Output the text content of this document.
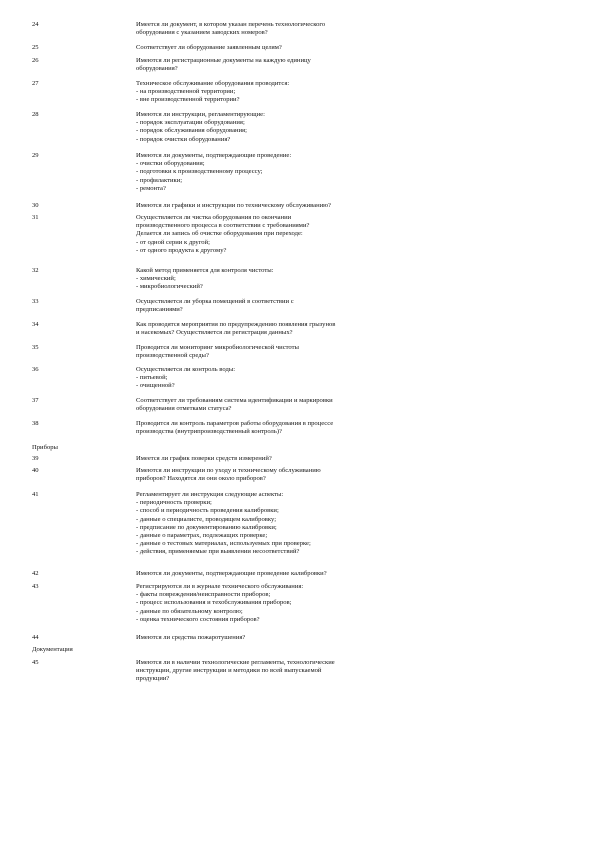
24	Имеется ли документ, в котором указан перечень технологического
оборудования с указанием заводских номеров?
25	Соответствует ли оборудование заявленным целям?
26	Имеются ли регистрационные документы на каждую единицу
оборудования?
27	Техническое обслуживание оборудования проводится:
- на производственной территории;
- вне производственной территории?
28	Имеются ли инструкции, регламентирующие:
- порядок эксплуатации оборудования;
- порядок обслуживания оборудования;
- порядок очистки оборудования?
29	Имеются ли документы, подтверждающие проведение:
- очистки оборудования;
- подготовки к производственному процессу;
- профилактики;
- ремонта?
30	Имеются ли графики и инструкции по техническому обслуживанию?
31	Осуществляется ли чистка оборудования по окончании
производственного процесса в соответствии с требованиями?
Делается ли запись об очистке оборудования при переходе:
- от одной серии к другой;
- от одного продукта к другому?
32	Какой метод применяется для контроля чистоты:
- химический;
- микробиологический?
33	Осуществляется ли уборка помещений в соответствии с
предписаниями?
34	Как проводятся мероприятия по предупреждению появления грызунов
и насекомых? Осуществляется ли регистрация данных?
35	Проводится ли мониторинг микробиологической чистоты
производственной среды?
36	Осуществляется ли контроль воды:
- питьевой;
- очищенной?
37	Соответствует ли требованиям система идентификации и маркировки
оборудования отметками статуса?
38	Проводится ли контроль параметров работы оборудования в процессе
производства (внутрипроизводственный контроль)?
Приборы
39	Имеется ли график поверки средств измерений?
40	Имеются ли инструкции по уходу и техническому обслуживанию
приборов? Находятся ли они около приборов?
41	Регламентирует ли инструкция следующие аспекты:
- периодичность проверки;
- способ и периодичность проведения калибровки;
- данные о специалисте, проводящем калибровку;
- предписание по документированию калибровки;
- данные о параметрах, подлежащих проверке;
- данные о тестовых материалах, используемых при проверке;
- действия, применяемые при выявлении несоответствий?
42	Имеются ли документы, подтверждающие проведение калибровки?
43	Регистрируются ли в журнале технического обслуживания:
- факты повреждения/неисправности приборов;
- процесс использования и техобслуживания приборов;
- данные по обязательному контролю;
- оценка технического состояния приборов?
44	Имеются ли средства пожаротушения?
Документация
45	Имеются ли в наличии технологические регламенты, технологические
инструкции, другие инструкции и методики по всей выпускаемой
продукции?
